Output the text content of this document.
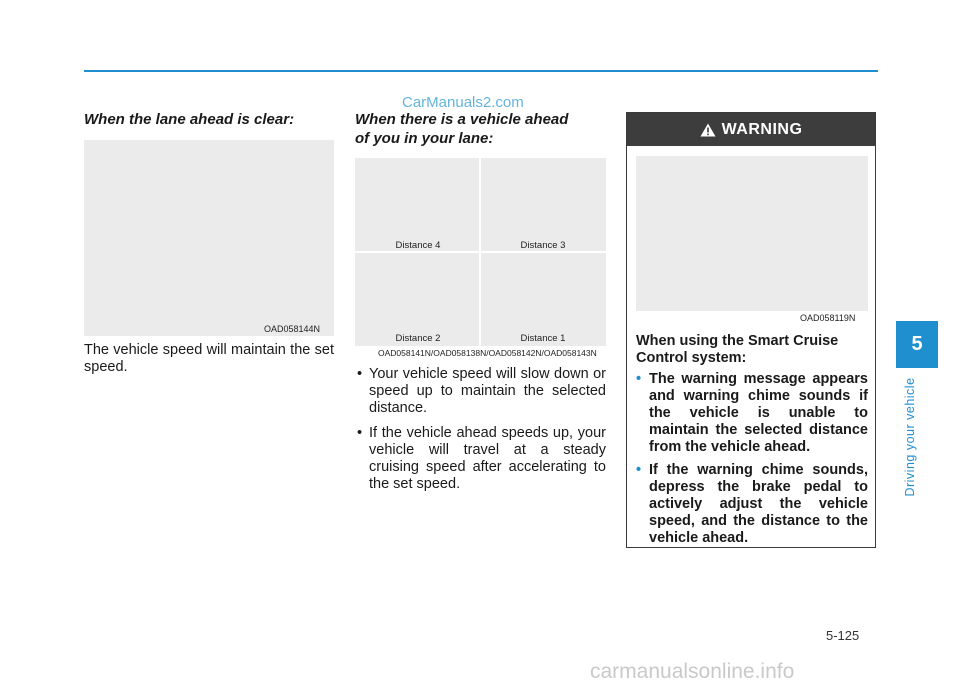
CarManuals2.com
When the lane ahead is clear:
OAD058144N
The vehicle speed will maintain the set speed.
When there is a vehicle ahead
of you in your lane:
Distance 4	Distance 3
Distance 2	Distance 1
OAD058141N/OAD058138N/OAD058142N/OAD058143N
• Your vehicle speed will slow down or speed up to maintain the selected distance.
• If the vehicle ahead speeds up, your vehicle will travel at a steady cruising speed after accelerating to the set speed.
WARNING
OAD058119N
When using the Smart Cruise Control system:
• The warning message appears and warning chime sounds if the vehicle is unable to maintain the selected distance from the vehicle ahead.
• If the warning chime sounds, depress the brake pedal to actively adjust the vehicle speed, and the distance to the vehicle ahead.
5
Driving your vehicle
5-125
carmanualsonline.info
